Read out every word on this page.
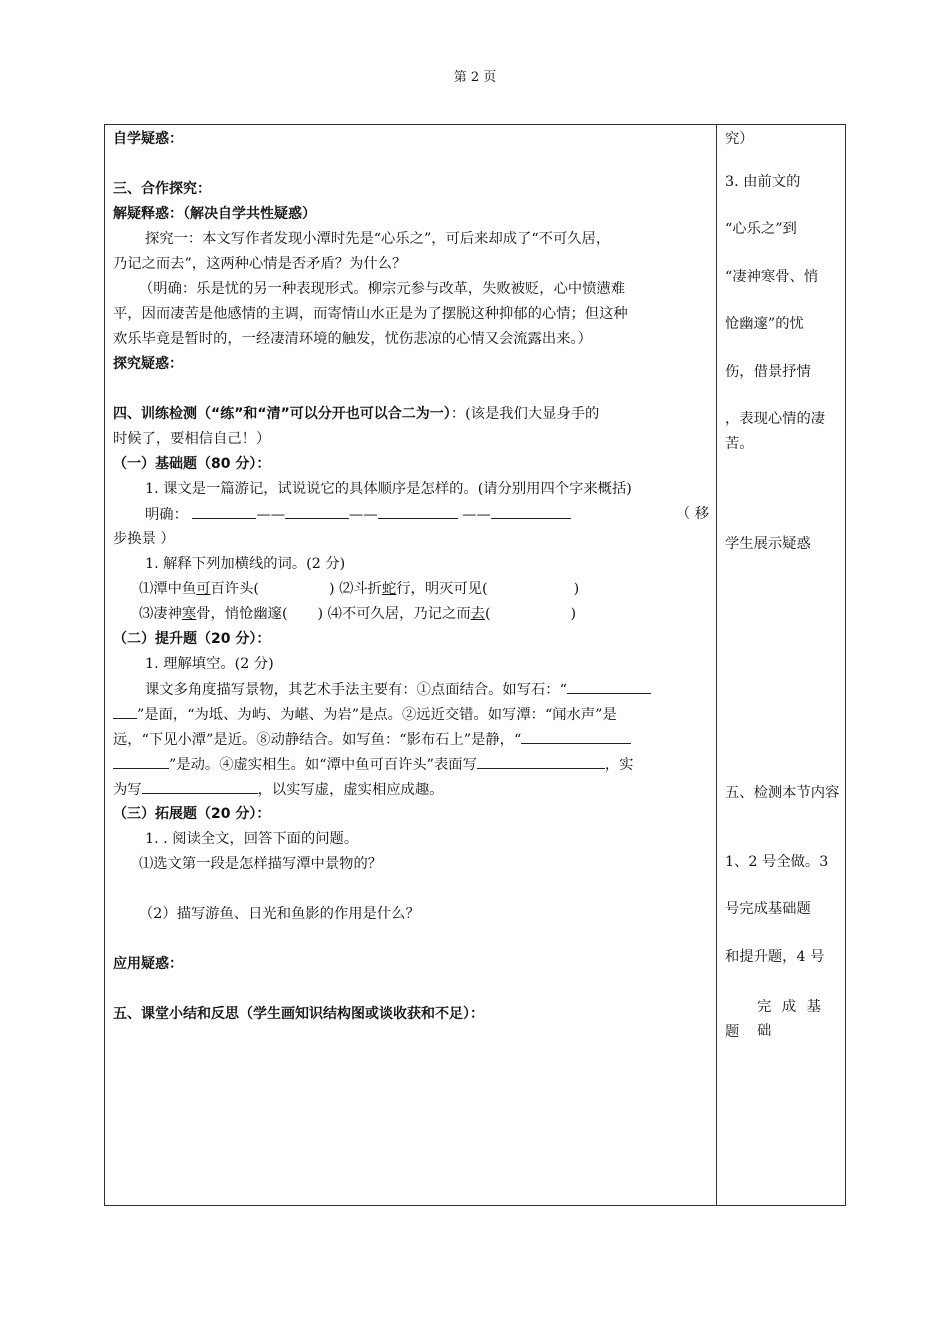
第 2 页
自学疑惑：
三、合作探究：
解疑释惑：（解决自学共性疑惑）
探究一：本文写作者发现小潭时先是“心乐之”，可后来却成了“不可久居，
乃记之而去”，这两种心情是否矛盾？为什么？
（明确：乐是忧的另一种表现形式。柳宗元参与改革，失败被贬，心中愤懑难
平，因而凄苦是他感情的主调，而寄情山水正是为了摆脱这种抑郁的心情；但这种
欢乐毕竟是暂时的，一经凄清环境的触发，忧伤悲凉的心情又会流露出来。）
探究疑惑：
四、训练检测（“练”和“清”可以分开也可以合二为一）：(该是我们大显身手的
时候了，要相信自己！）
（一）基础题（80 分）：
1. 课文是一篇游记，试说说它的具体顺序是怎样的。(请分别用四个字来概括)
明确：	——	——	——	（ 移
步换景 ）
1. 解释下列加横线的词。(2 分)
⑴潭中鱼可百许头(	) ⑵斗折蛇行，明灭可见(	)
⑶凄神寒骨，悄怆幽邃( ) ⑷不可久居，乃记之而去(	)
（二）提升题（20 分）：
1. 理解填空。(2 分)
课文多角度描写景物，其艺术手法主要有：①点面结合。如写石：“
”是面，“为坻、为屿、为嵁、为岩”是点。②远近交错。如写潭：“闻水声”是
远，“下见小潭”是近。⑧动静结合。如写鱼：“影布石上”是静，“
”是动。④虚实相生。如“潭中鱼可百许头”表面写	，实
为写	，以实写虚，虚实相应成趣。
（三）拓展题（20 分）：
1. . 阅读全文，回答下面的问题。
⑴选文第一段是怎样描写潭中景物的？
（2）描写游鱼、日光和鱼影的作用是什么？
应用疑惑：
五、课堂小结和反思（学生画知识结构图或谈收获和不足）：
究）
3. 由前文的
“心乐之”到
“凄神寒骨、悄
怆幽邃”的忧
伤，借景抒情
，表现心情的凄苦。
学生展示疑惑
五、检测本节内容
1、2 号全做。3
号完成基础题
和提升题，4 号
完 成 基 础
题
